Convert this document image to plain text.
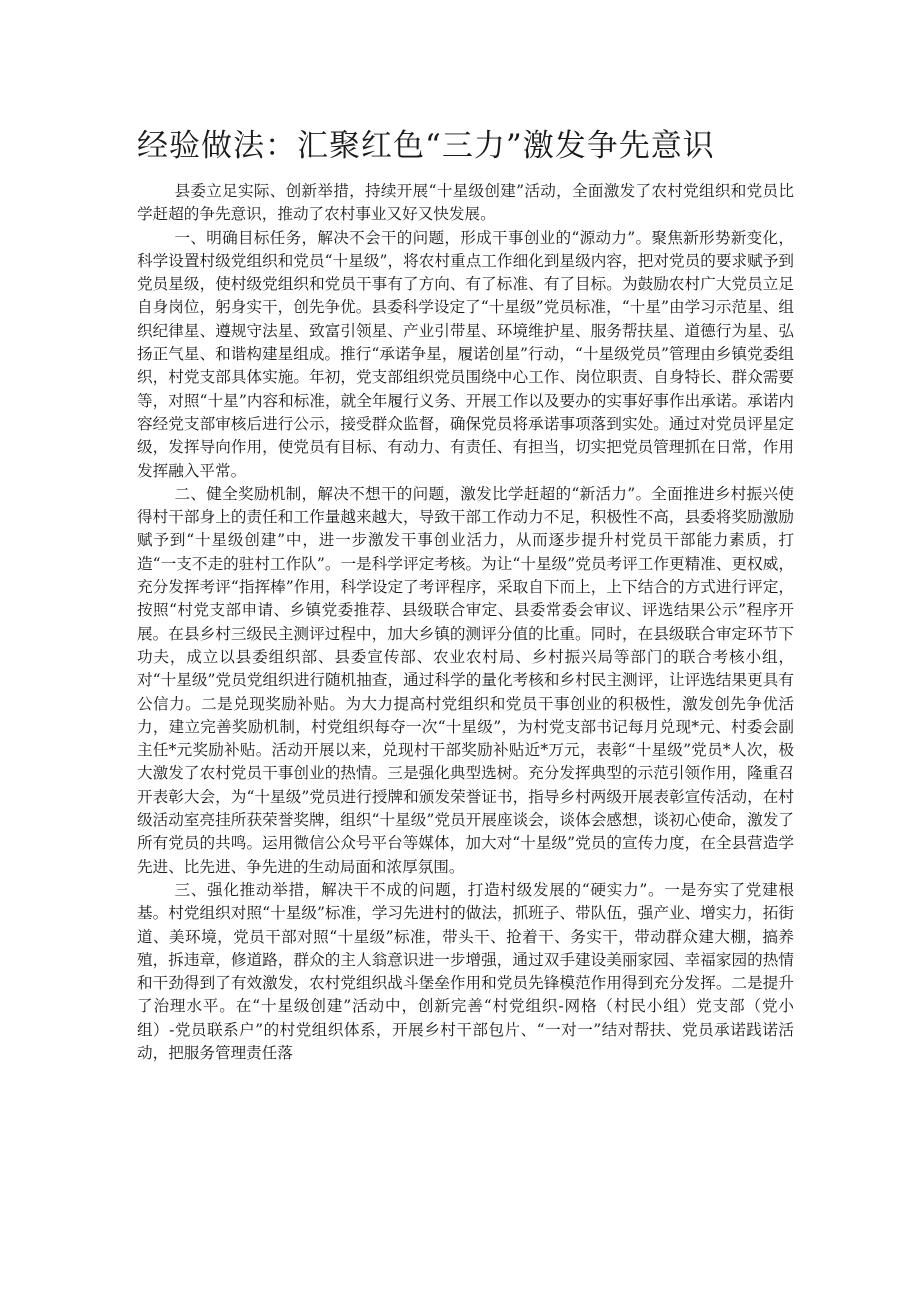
经验做法：汇聚红色“三力”激发争先意识

县委立足实际、创新举措，持续开展“十星级创建”活动，全面激发了农村党组织和党员比学赶超的争先意识，推动了农村事业又好又快发展。

一、明确目标任务，解决不会干的问题，形成干事创业的“源动力”。聚焦新形势新变化，科学设置村级党组织和党员“十星级”，将农村重点工作细化到星级内容，把对党员的要求赋予到党员星级，使村级党组织和党员干事有了方向、有了标准、有了目标。为鼓励农村广大党员立足自身岗位，躬身实干，创先争优。县委科学设定了“十星级”党员标准，“十星”由学习示范星、组织纪律星、遵规守法星、致富引领星、产业引带星、环境维护星、服务帮扶星、道德行为星、弘扬正气星、和谐构建星组成。推行“承诺争星，履诺创星”行动，“十星级党员”管理由乡镇党委组织，村党支部具体实施。年初，党支部组织党员围绕中心工作、岗位职责、自身特长、群众需要等，对照“十星”内容和标准，就全年履行义务、开展工作以及要办的实事好事作出承诺。承诺内容经党支部审核后进行公示，接受群众监督，确保党员将承诺事项落到实处。通过对党员评星定级，发挥导向作用，使党员有目标、有动力、有责任、有担当，切实把党员管理抓在日常，作用发挥融入平常。

二、健全奖励机制，解决不想干的问题，激发比学赶超的“新活力”。全面推进乡村振兴使得村干部身上的责任和工作量越来越大，导致干部工作动力不足，积极性不高，县委将奖励激励赋予到“十星级创建”中，进一步激发干事创业活力，从而逐步提升村党员干部能力素质，打造“一支不走的驻村工作队”。一是科学评定考核。为让“十星级”党员考评工作更精准、更权威，充分发挥考评“指挥棒”作用，科学设定了考评程序，采取自下而上，上下结合的方式进行评定，按照“村党支部申请、乡镇党委推荐、县级联合审定、县委常委会审议、评选结果公示”程序开展。在县乡村三级民主测评过程中，加大乡镇的测评分值的比重。同时，在县级联合审定环节下功夫，成立以县委组织部、县委宣传部、农业农村局、乡村振兴局等部门的联合考核小组，对“十星级”党员党组织进行随机抽查，通过科学的量化考核和乡村民主测评，让评选结果更具有公信力。二是兑现奖励补贴。为大力提高村党组织和党员干事创业的积极性，激发创先争优活力，建立完善奖励机制，村党组织每夺一次“十星级”，为村党支部书记每月兑现*元、村委会副主任*元奖励补贴。活动开展以来，兑现村干部奖励补贴近*万元，表彰“十星级”党员*人次，极大激发了农村党员干事创业的热情。三是强化典型选树。充分发挥典型的示范引领作用，隆重召开表彰大会，为“十星级”党员进行授牌和颁发荣誉证书，指导乡村两级开展表彰宣传活动，在村级活动室亮挂所获荣誉奖牌，组织“十星级”党员开展座谈会，谈体会感想，谈初心使命，激发了所有党员的共鸣。运用微信公众号平台等媒体，加大对“十星级”党员的宣传力度，在全县营造学先进、比先进、争先进的生动局面和浓厚氛围。

三、强化推动举措，解决干不成的问题，打造村级发展的“硬实力”。一是夯实了党建根基。村党组织对照“十星级”标准，学习先进村的做法，抓班子、带队伍，强产业、增实力，拓街道、美环境，党员干部对照“十星级”标准，带头干、抢着干、务实干，带动群众建大棚，搞养殖，拆违章，修道路，群众的主人翁意识进一步增强，通过双手建设美丽家园、幸福家园的热情和干劲得到了有效激发，农村党组织战斗堡垒作用和党员先锋模范作用得到充分发挥。二是提升了治理水平。在“十星级创建”活动中，创新完善“村党组织-网格（村民小组）党支部（党小组）-党员联系户”的村党组织体系，开展乡村干部包片、“一对一”结对帮扶、党员承诺践诺活动，把服务管理责任落
